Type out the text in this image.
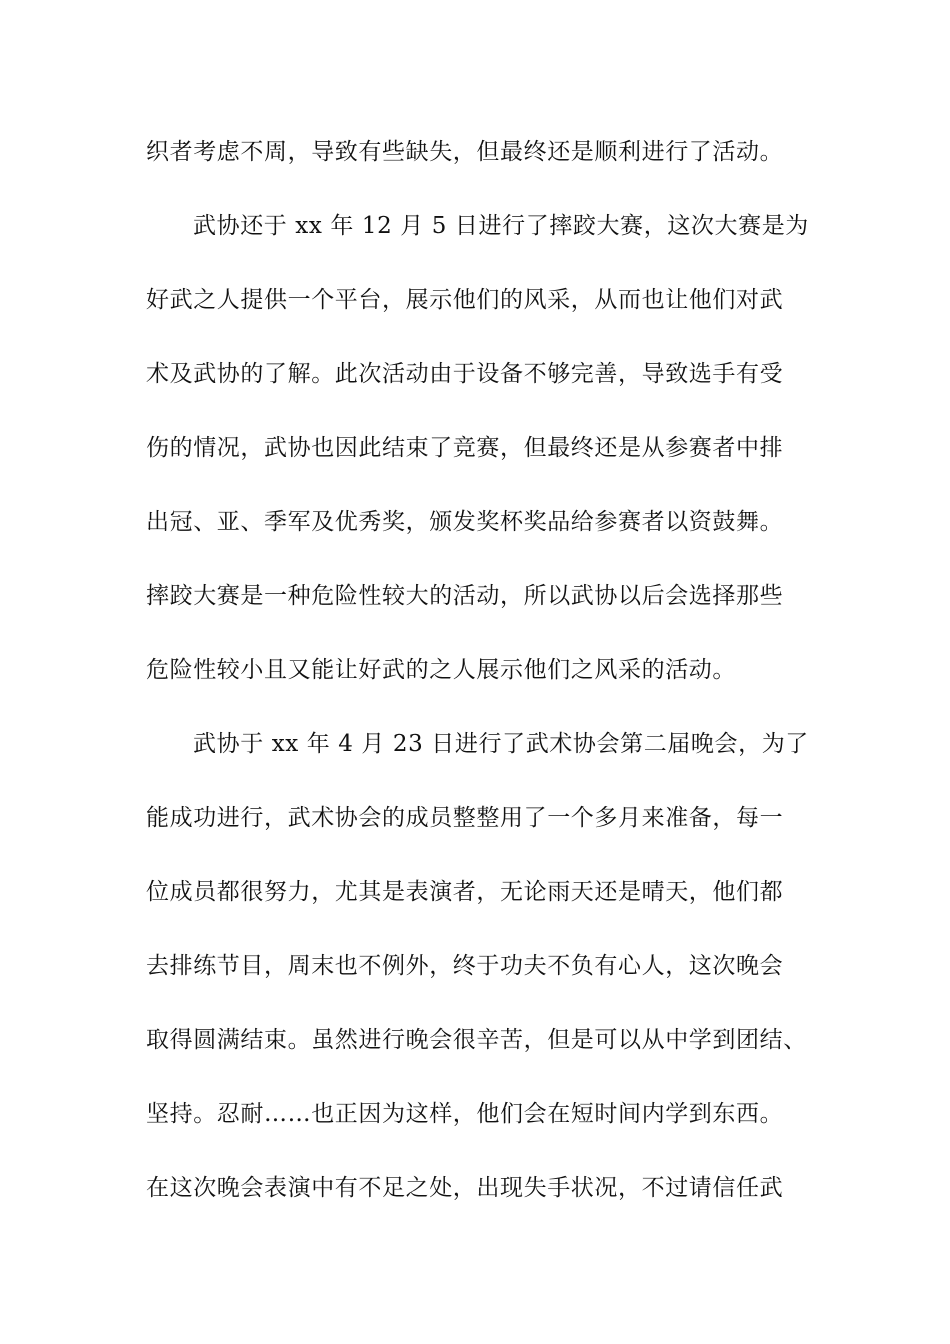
织者考虑不周，导致有些缺失，但最终还是顺利进行了活动。
武协还于 xx 年 12 月 5 日进行了摔跤大赛，这次大赛是为
好武之人提供一个平台，展示他们的风采，从而也让他们对武
术及武协的了解。此次活动由于设备不够完善，导致选手有受
伤的情况，武协也因此结束了竞赛，但最终还是从参赛者中排
出冠、亚、季军及优秀奖，颁发奖杯奖品给参赛者以资鼓舞。
摔跤大赛是一种危险性较大的活动，所以武协以后会选择那些
危险性较小且又能让好武的之人展示他们之风采的活动。
武协于 xx 年 4 月 23 日进行了武术协会第二届晚会，为了
能成功进行，武术协会的成员整整用了一个多月来准备，每一
位成员都很努力，尤其是表演者，无论雨天还是晴天，他们都
去排练节目，周末也不例外，终于功夫不负有心人，这次晚会
取得圆满结束。虽然进行晚会很辛苦，但是可以从中学到团结、
坚持。忍耐……也正因为这样，他们会在短时间内学到东西。
在这次晚会表演中有不足之处，出现失手状况，不过请信任武
